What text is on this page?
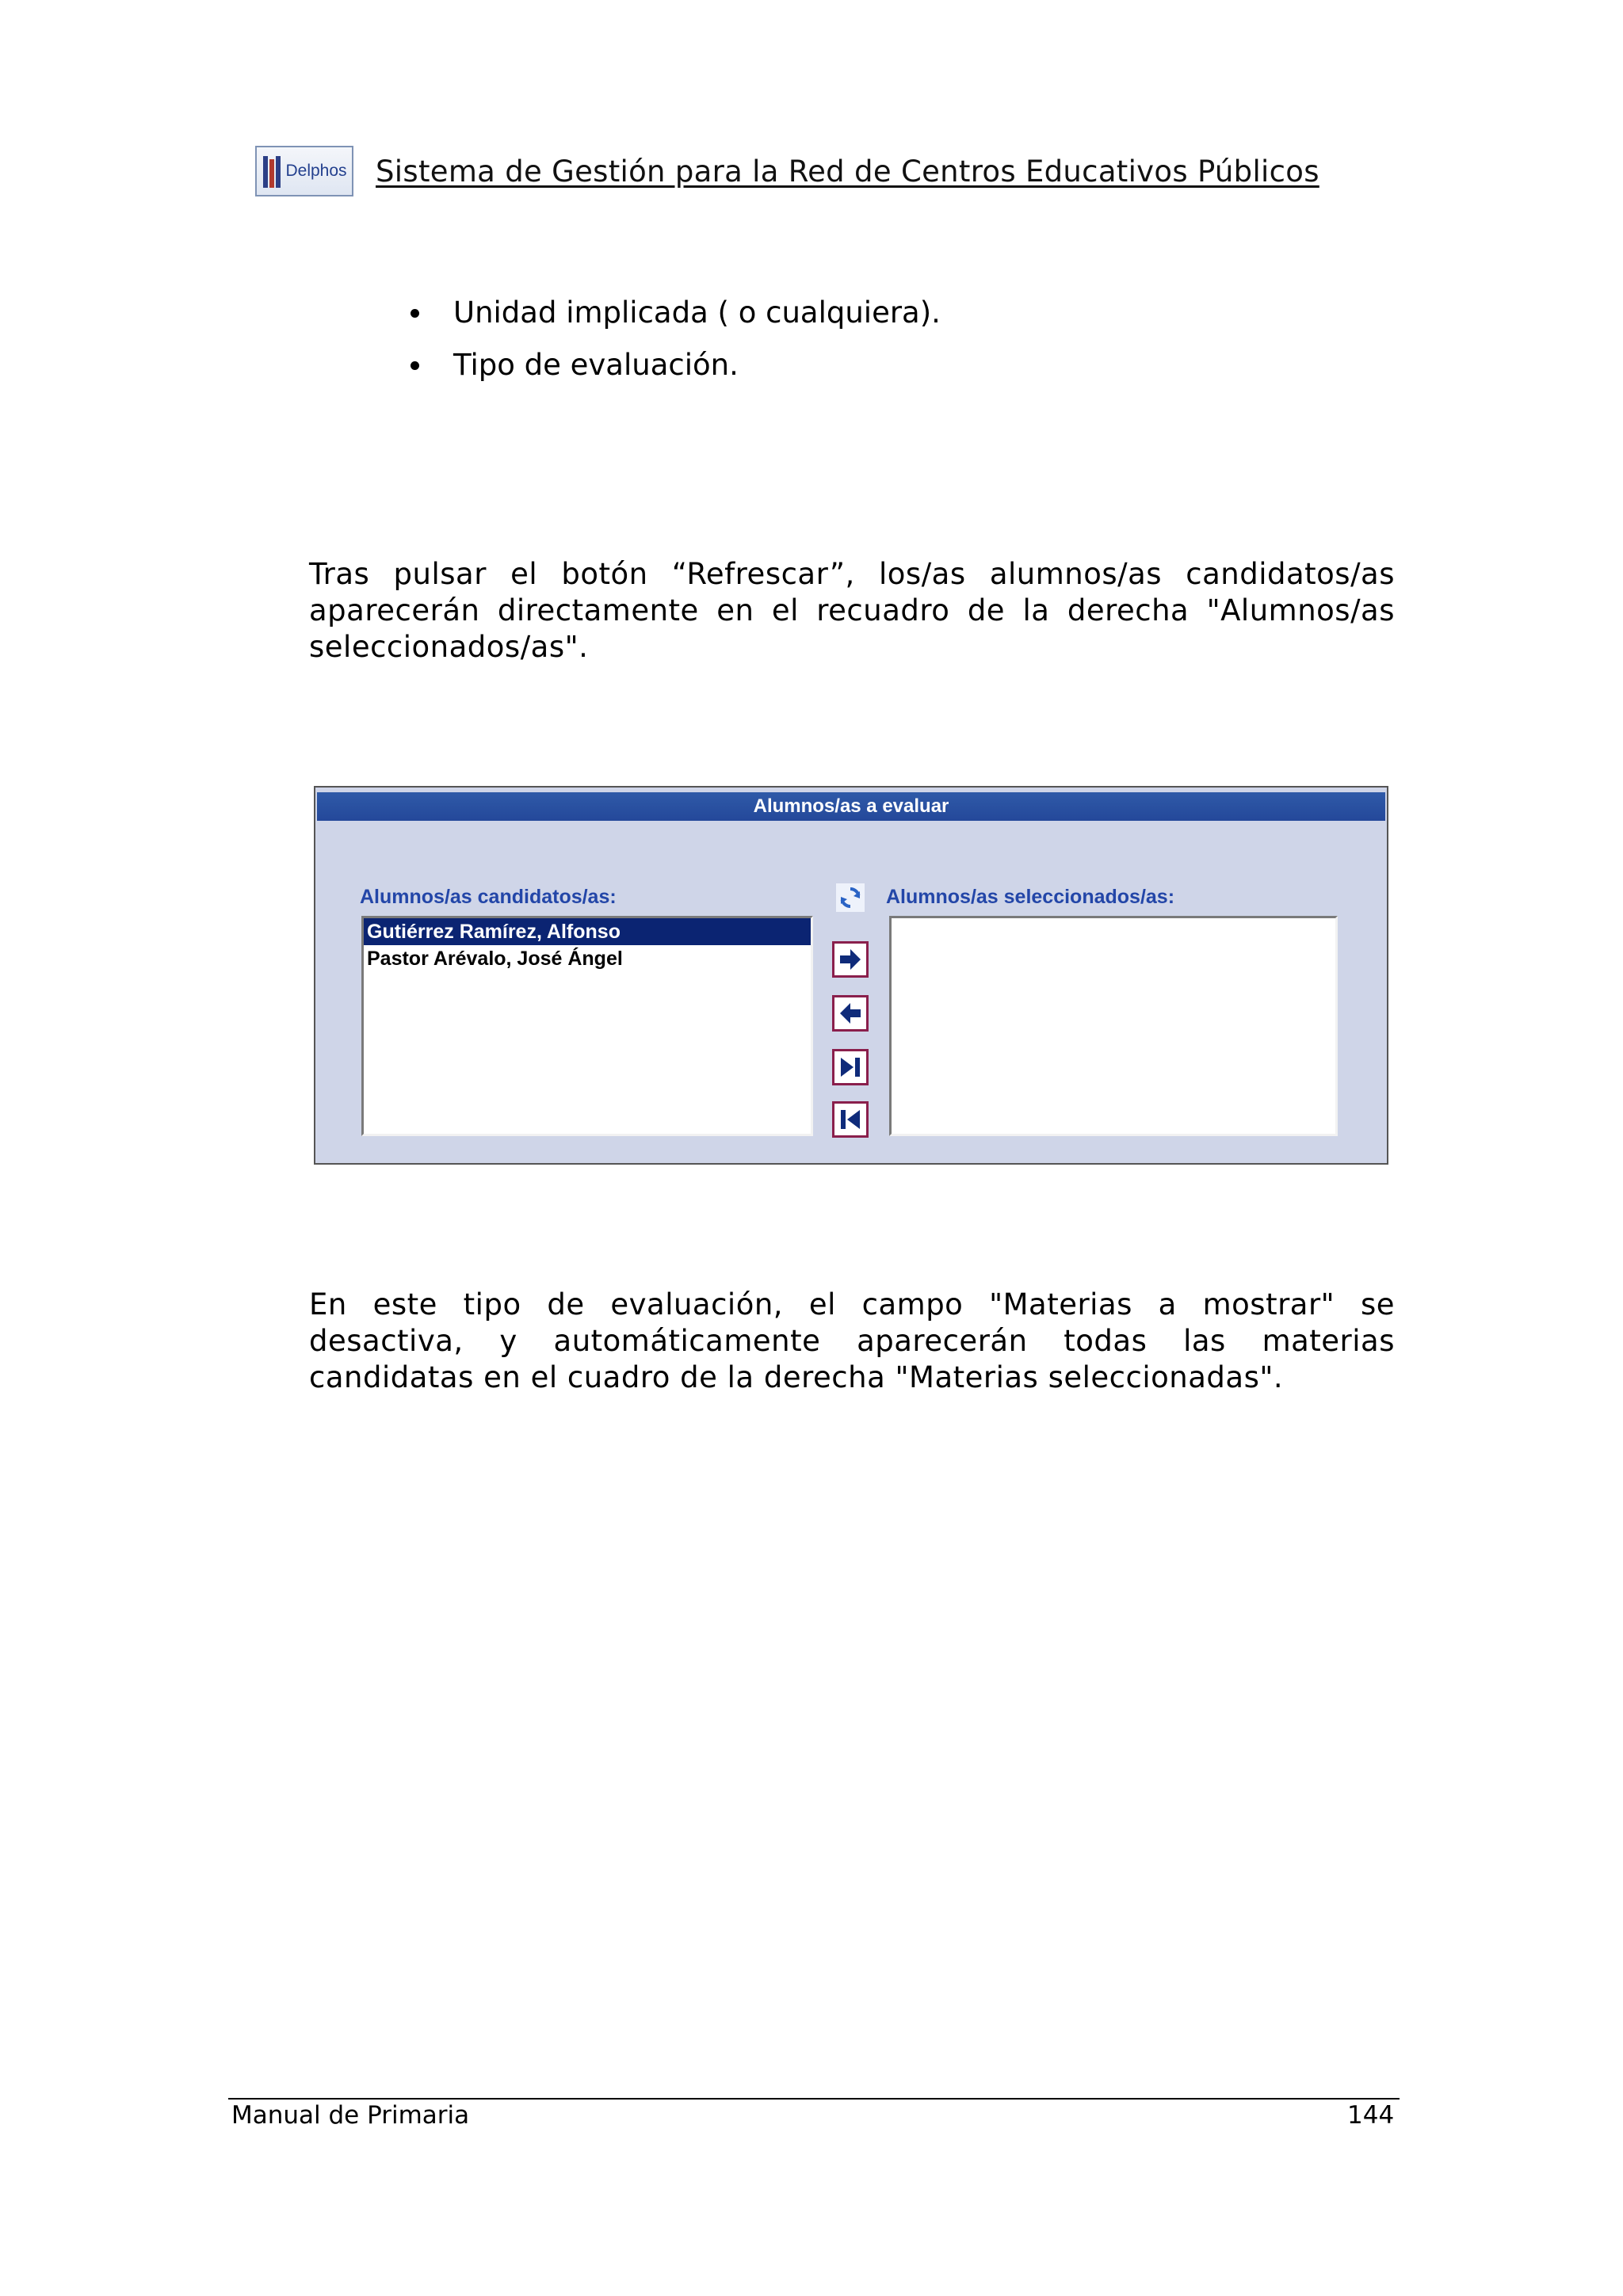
Delphos Sistema de Gestión para la Red de Centros Educativos Públicos
Unidad implicada ( o cualquiera).
Tipo de evaluación.

Tras pulsar el botón “Refrescar”, los/as alumnos/as candidatos/as aparecerán directamente en el recuadro de la derecha "Alumnos/as seleccionados/as".

Alumnos/as a evaluar
Alumnos/as candidatos/as:	Alumnos/as seleccionados/as:
Gutiérrez Ramírez, Alfonso
Pastor Arévalo, José Ángel

En este tipo de evaluación, el campo "Materias a mostrar" se desactiva, y automáticamente aparecerán todas las materias candidatas en el cuadro de la derecha "Materias seleccionadas".

Manual de Primaria	144
